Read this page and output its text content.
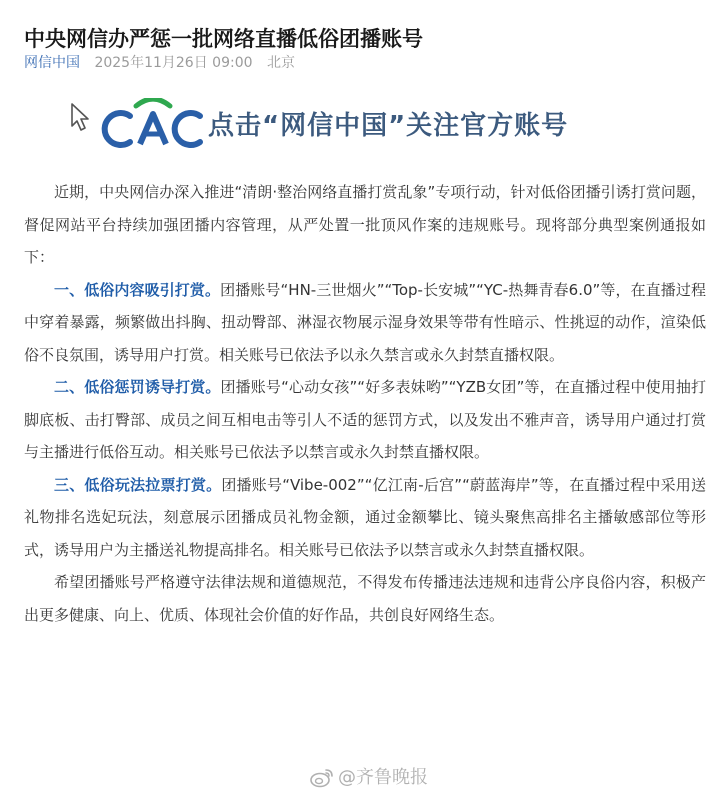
中央网信办严惩一批网络直播低俗团播账号
网信中国 2025年11月26日 09:00 北京
点击“网信中国”关注官方账号

近期，中央网信办深入推进“清朗·整治网络直播打赏乱象”专项行动，针对低俗团播引诱打赏问题，督促网站平台持续加强团播内容管理，从严处置一批顶风作案的违规账号。现将部分典型案例通报如下：

一、低俗内容吸引打赏。团播账号“HN-三世烟火”“Top-长安城”“YC-热舞青春6.0”等，在直播过程中穿着暴露，频繁做出抖胸、扭动臀部、淋湿衣物展示湿身效果等带有性暗示、性挑逗的动作，渲染低俗不良氛围，诱导用户打赏。相关账号已依法予以永久禁言或永久封禁直播权限。

二、低俗惩罚诱导打赏。团播账号“心动女孩”“好多表妹哟”“YZB女团”等，在直播过程中使用抽打脚底板、击打臀部、成员之间互相电击等引人不适的惩罚方式，以及发出不雅声音，诱导用户通过打赏与主播进行低俗互动。相关账号已依法予以禁言或永久封禁直播权限。

三、低俗玩法拉票打赏。团播账号“Vibe-002”“亿江南-后宫”“蔚蓝海岸”等，在直播过程中采用送礼物排名选妃玩法，刻意展示团播成员礼物金额，通过金额攀比、镜头聚焦高排名主播敏感部位等形式，诱导用户为主播送礼物提高排名。相关账号已依法予以禁言或永久封禁直播权限。

希望团播账号严格遵守法律法规和道德规范，不得发布传播违法违规和违背公序良俗内容，积极产出更多健康、向上、优质、体现社会价值的好作品，共创良好网络生态。

@齐鲁晚报
